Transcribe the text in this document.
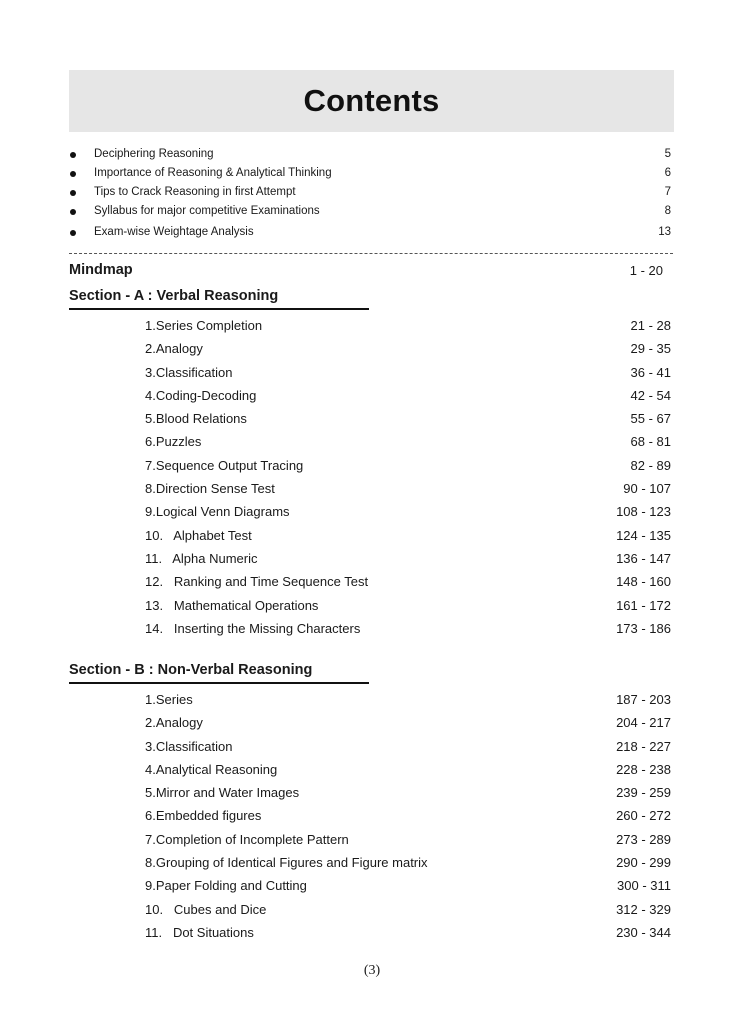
Contents
Deciphering Reasoning	5
Importance of Reasoning & Analytical Thinking	6
Tips to Crack Reasoning in first Attempt	7
Syllabus for major competitive Examinations	8
Exam-wise Weightage Analysis	13
Mindmap	1 - 20
Section - A : Verbal Reasoning
1.Series Completion	21 - 28
2.Analogy	29 - 35
3.Classification	36 - 41
4.Coding-Decoding	42 - 54
5.Blood Relations	55 - 67
6.Puzzles	68 - 81
7.Sequence Output Tracing	82 - 89
8.Direction Sense Test	90 - 107
9.Logical Venn Diagrams	108 - 123
10.   Alphabet Test	124 - 135
11.   Alpha Numeric	136 - 147
12.   Ranking and Time Sequence Test	148 - 160
13.   Mathematical Operations	161 - 172
14.   Inserting the Missing Characters	173 - 186
Section - B : Non-Verbal Reasoning
1.Series	187 - 203
2.Analogy	204 - 217
3.Classification	218 - 227
4.Analytical Reasoning	228 - 238
5.Mirror and Water Images	239 - 259
6.Embedded figures	260 - 272
7.Completion of Incomplete Pattern	273 - 289
8.Grouping of Identical Figures and Figure matrix	290 - 299
9.Paper Folding and Cutting	300 - 311
10.   Cubes and Dice	312 - 329
11.   Dot Situations	230 - 344
(3)
